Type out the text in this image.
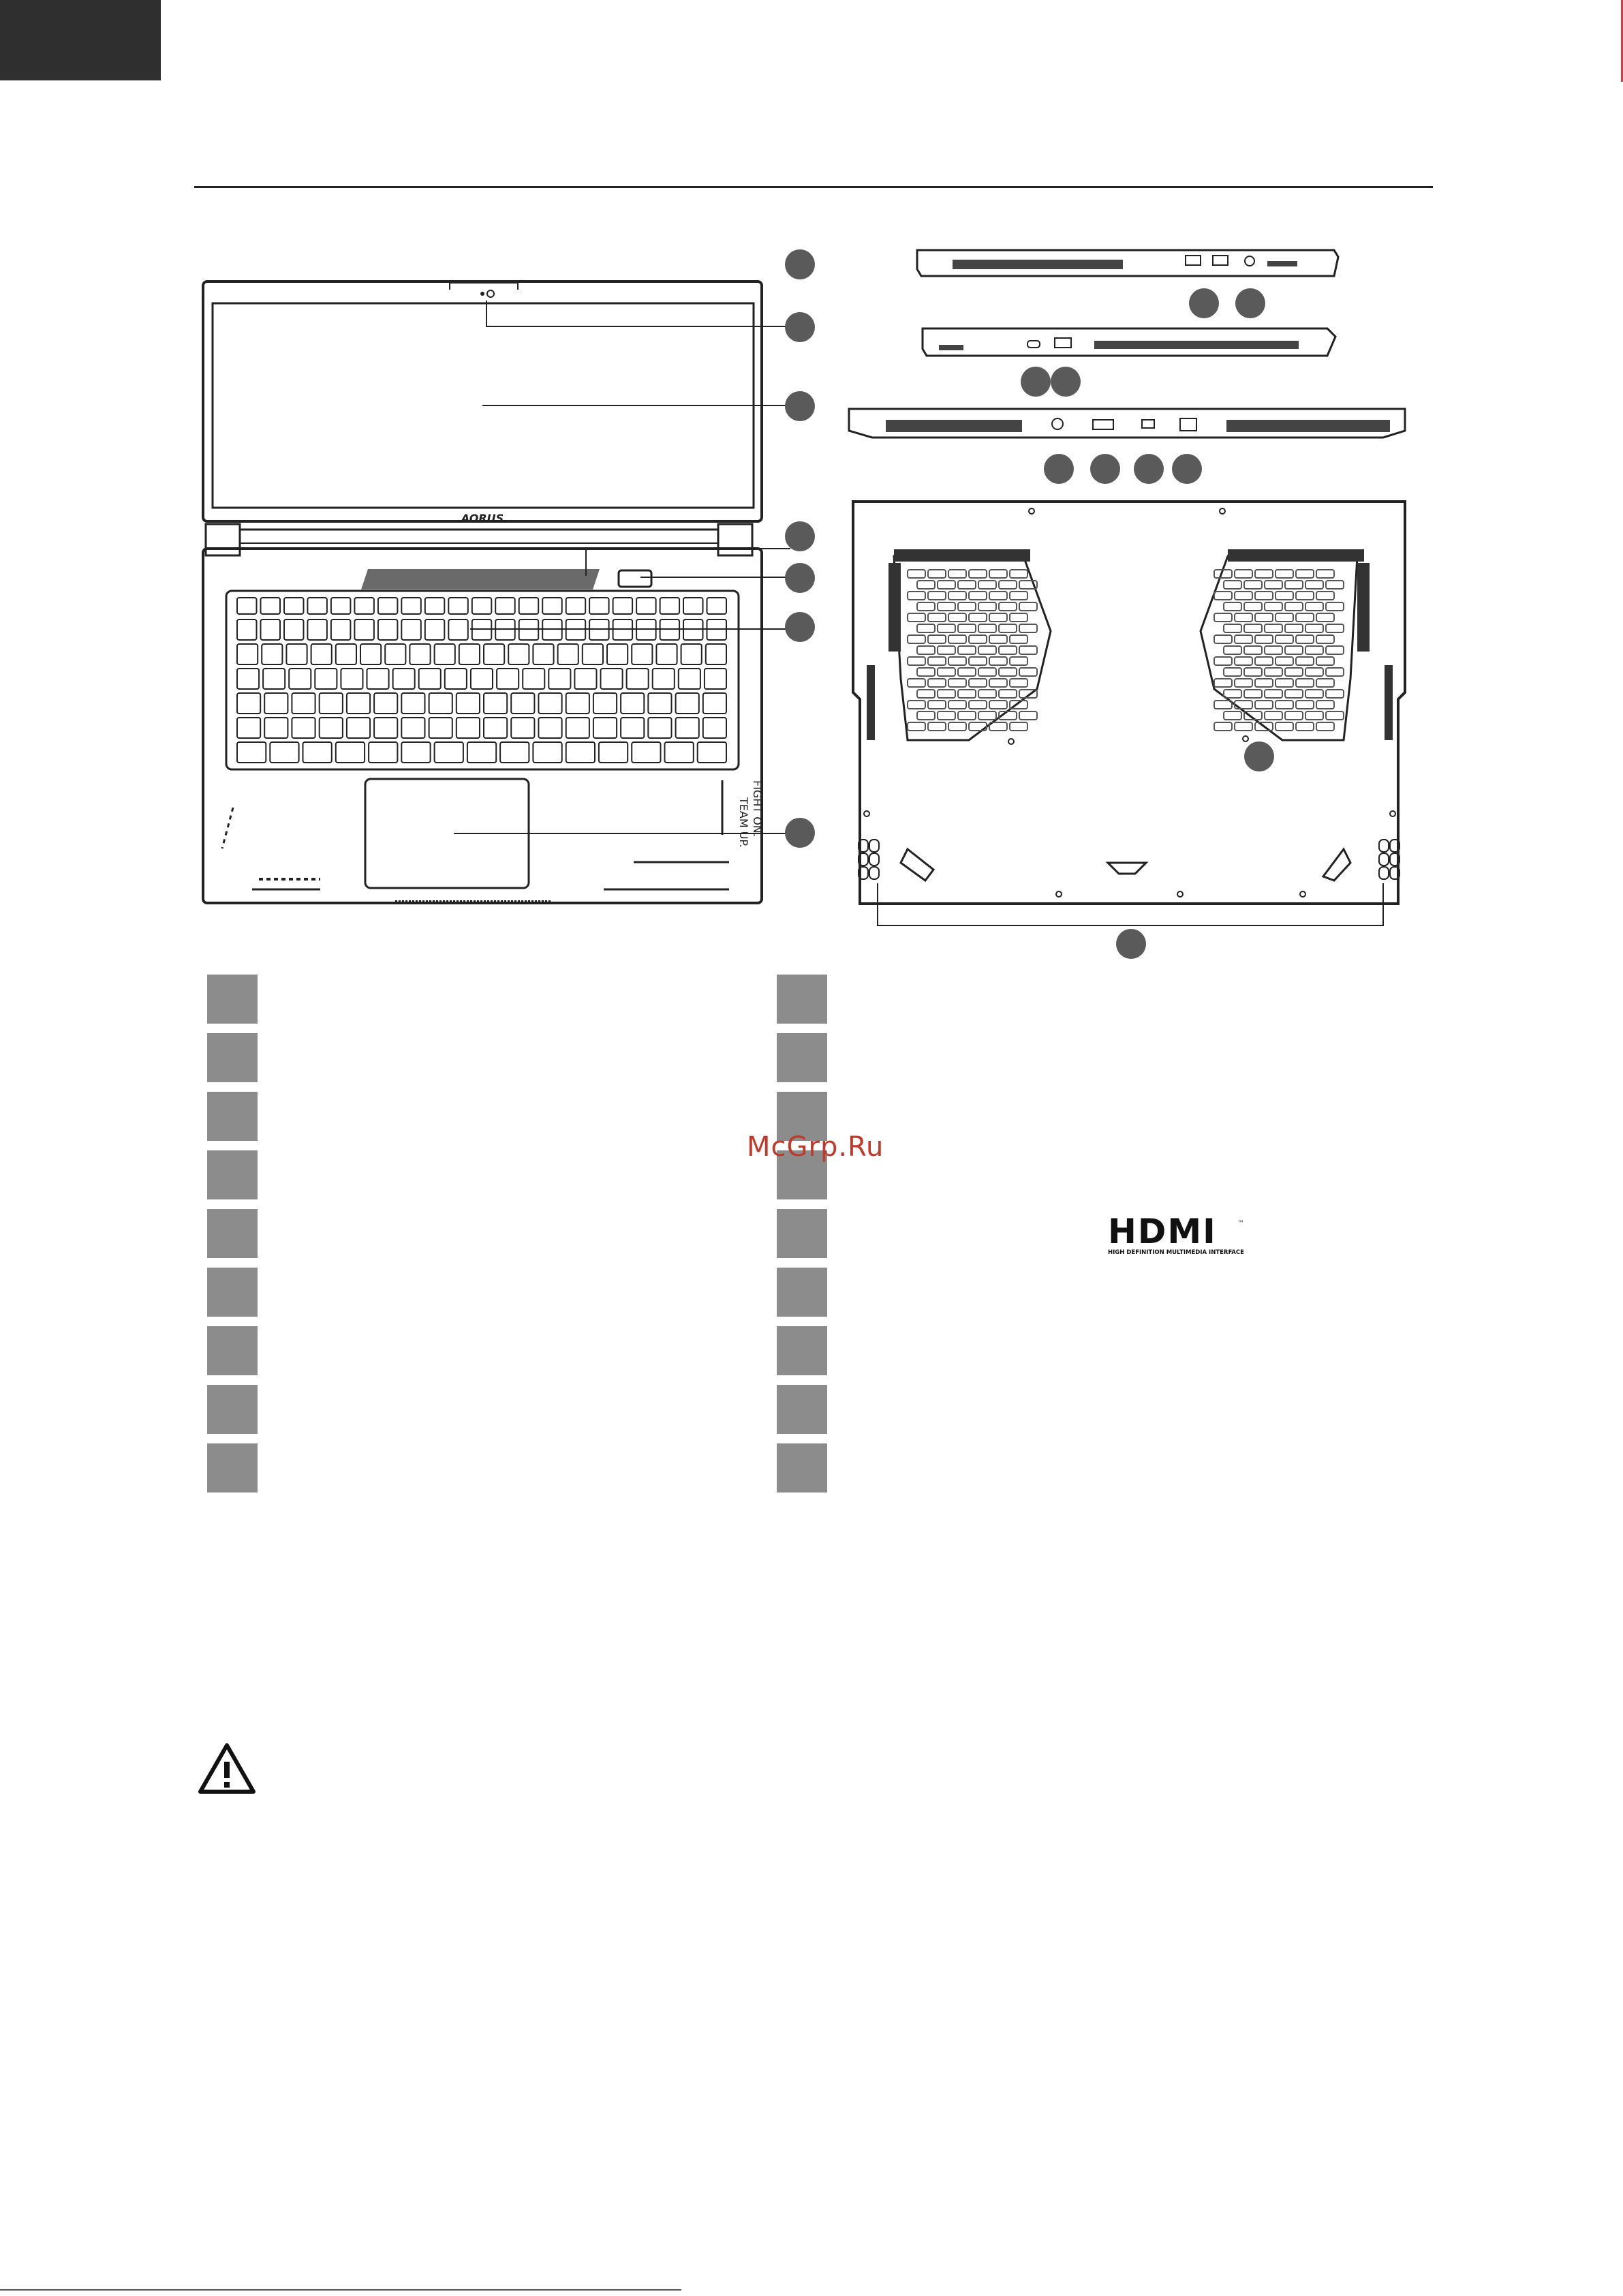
AORUS
TEAM UP. FIGHT ON.
McGrp.Ru
HDMI	™
HIGH DEFINITION MULTIMEDIA INTERFACE
